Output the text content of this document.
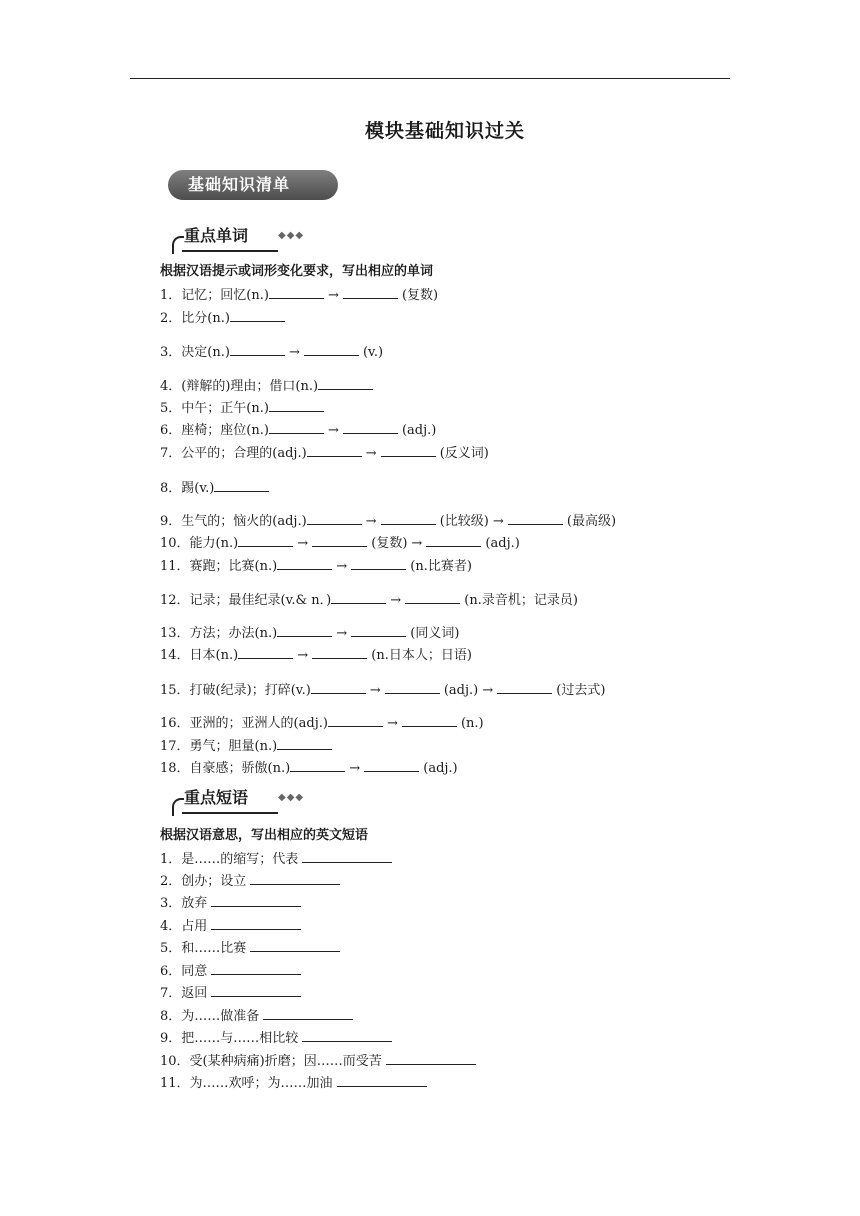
模块基础知识过关
基础知识清单
重点单词	◆◆◆
根据汉语提示或词形变化要求，写出相应的单词
1．记忆；回忆(n.)	→	(复数)
2．比分(n.)
3．决定(n.)	→	(v.)
4．(辩解的)理由；借口(n.)
5．中午；正午(n.)
6．座椅；座位(n.)	→	(adj.)
7．公平的；合理的(adj.)	→	(反义词)
8．踢(v.)
9．生气的；恼火的(adj.)	→	(比较级) →	(最高级)
10．能力(n.)	→	(复数) →	(adj.)
11．赛跑；比赛(n.)	→	(n.比赛者)
12．记录；最佳纪录(v.& n．)	→	(n.录音机；记录员)
13．方法；办法(n.)	→	(同义词)
14．日本(n.)	→	(n.日本人；日语)
15．打破(纪录)；打碎(v.)	→	(adj.) →	(过去式)
16．亚洲的；亚洲人的(adj.)	→	(n.)
17．勇气；胆量(n.)
18．自豪感；骄傲(n.)	→	(adj.)
重点短语	◆◆◆
根据汉语意思，写出相应的英文短语
1．是……的缩写；代表
2．创办；设立
3．放弃
4．占用
5．和……比赛
6．同意
7．返回
8．为……做准备
9．把……与……相比较
10．受(某种病痛)折磨；因……而受苦
11．为……欢呼；为……加油
